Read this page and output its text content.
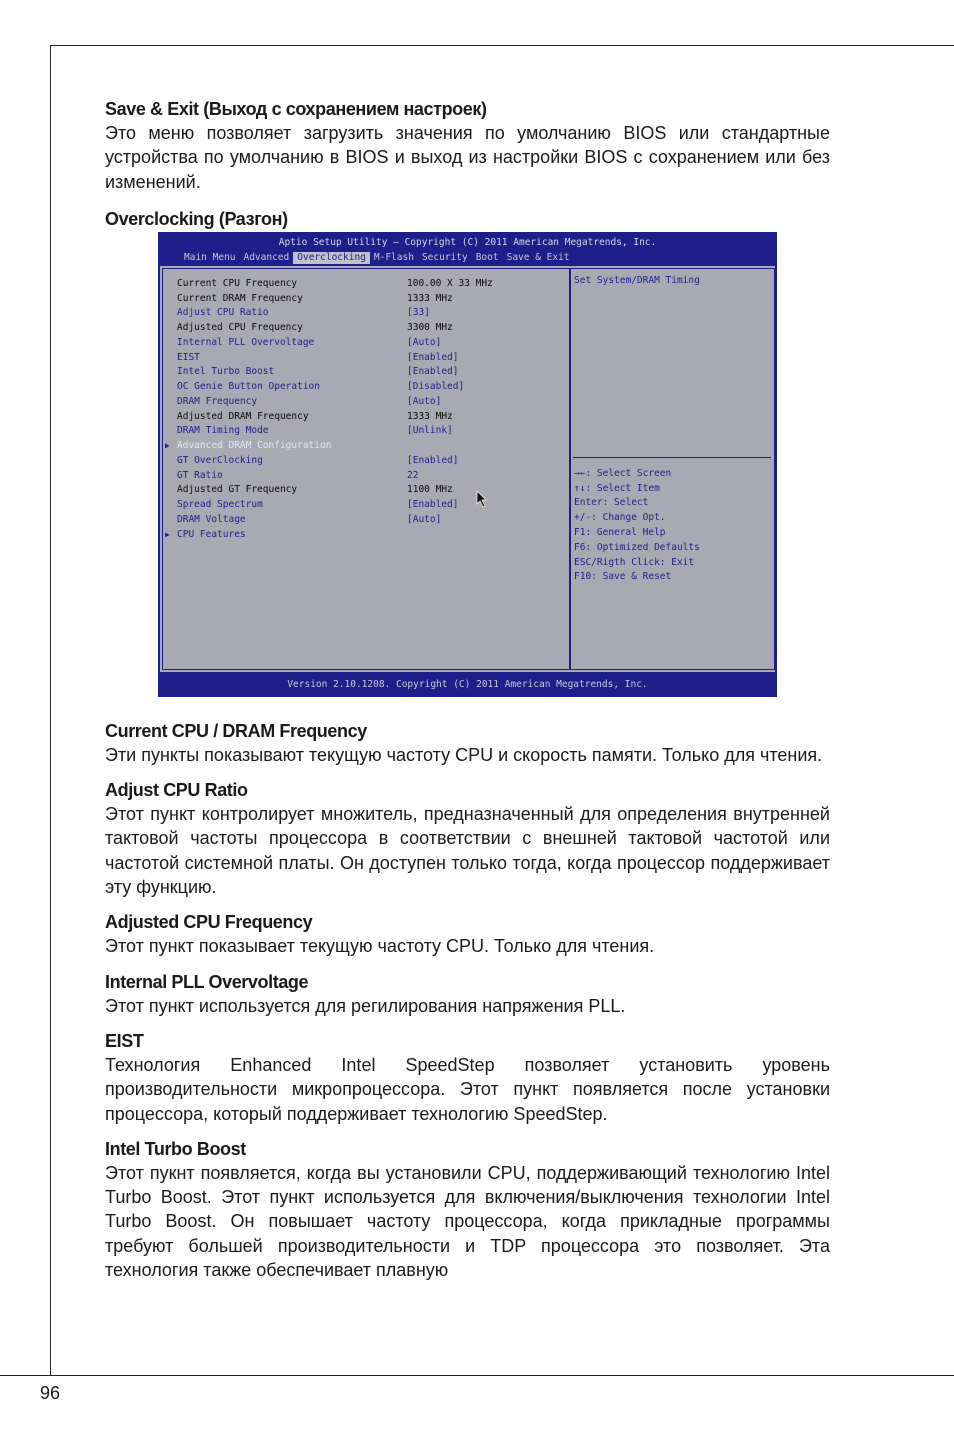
Save & Exit (Выход с сохранением настроек)

Это меню позволяет загрузить значения по умолчанию BIOS или стандартные устройства по умолчанию в BIOS и выход из настройки BIOS с сохранением или без изменений.

Overclocking (Разгон)
Aptio Setup Utility – Copyright (C) 2011 American Megatrends, Inc.
Main Menu Advanced Overclocking M-Flash Security Boot Save & Exit
Current CPU Frequency	100.00 X 33 MHz
Current DRAM Frequency	1333 MHz
Adjust CPU Ratio	[33]
Adjusted CPU Frequency	3300 MHz
Internal PLL Overvoltage	[Auto]
EIST	[Enabled]
Intel Turbo Boost	[Enabled]
OC Genie Button Operation	[Disabled]
DRAM Frequency	[Auto]
Adjusted DRAM Frequency	1333 MHz
DRAM Timing Mode	[Unlink]
▶ Advanced DRAM Configuration
GT OverClocking	[Enabled]
GT Ratio	22
Adjusted GT Frequency	1100 MHz
Spread Spectrum	[Enabled]
DRAM Voltage	[Auto]
▶ CPU Features
Set System/DRAM Timing
→←: Select Screen
↑↓: Select Item
Enter: Select
+/-: Change Opt.
F1: General Help
F6: Optimized Defaults
ESC/Rigth Click: Exit
F10: Save & Reset
Version 2.10.1208. Copyright (C) 2011 American Megatrends, Inc.
Current CPU / DRAM Frequency

Эти пункты показывают текущую частоту CPU и скорость памяти. Только для чтения.

Adjust CPU Ratio

Этот пункт контролирует множитель, предназначенный для определения внутренней тактовой частоты процессора в соответствии с внешней тактовой частотой или частотой системной платы. Он доступен только тогда, когда процессор поддерживает эту функцию.

Adjusted CPU Frequency

Этот пункт показывает текущую частоту CPU. Только для чтения.

Internal PLL Overvoltage

Этот пункт используется для регилирования напряжения PLL.

EIST

Технология Enhanced Intel SpeedStep позволяет установить уровень производительности микропроцессора. Этот пункт появляется после установки процессора, который поддерживает технологию SpeedStep.

Intel Turbo Boost

Этот пукнт появляется, когда вы установили CPU, поддерживающий технологию Intel Turbo Boost. Этот пункт используется для включения/выключения технологии Intel Turbo Boost. Он повышает частоту процессора, когда прикладные программы требуют большей производительности и TDP процессора это позволяет. Эта технология также обеспечивает плавную

96
